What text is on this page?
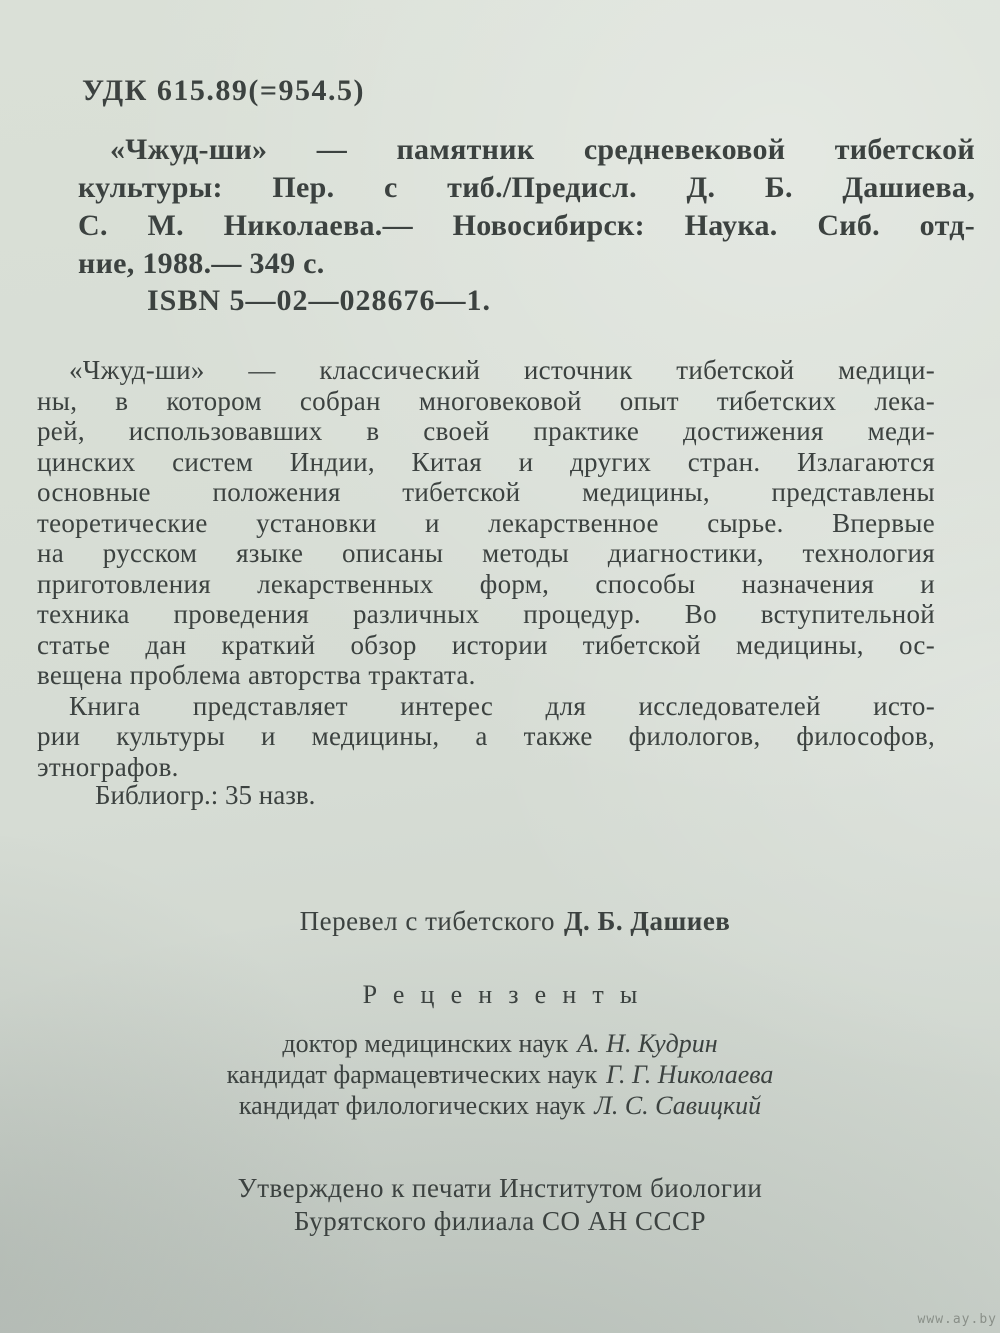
УДК 615.89(=954.5)
«Чжуд-ши» — памятник средневековой тибетской
культуры: Пер. с тиб./Предисл. Д. Б. Дашиева,
С. М. Николаева.— Новосибирск: Наука. Сиб. отд-
ние, 1988.— 349 с.
ISBN 5—02—028676—1.
«Чжуд-ши» — классический источник тибетской медици-
ны, в котором собран многовековой опыт тибетских лека-
рей, использовавших в своей практике достижения меди-
цинских систем Индии, Китая и других стран. Излагаются
основные положения тибетской медицины, представлены
теоретические установки и лекарственное сырье. Впервые
на русском языке описаны методы диагностики, технология
приготовления лекарственных форм, способы назначения и
техника проведения различных процедур. Во вступительной
статье дан краткий обзор истории тибетской медицины, ос-
вещена проблема авторства трактата.
Книга представляет интерес для исследователей исто-
рии культуры и медицины, а также филологов, философов,
этнографов.
Библиогр.: 35 назв.
Перевел с тибетского Д. Б. Дашиев
Рецензенты
доктор медицинских наук А. Н. Кудрин
кандидат фармацевтических наук Г. Г. Николаева
кандидат филологических наук Л. С. Савицкий
Утверждено к печати Институтом биологии
Бурятского филиала СО АН СССР
www.ay.by
